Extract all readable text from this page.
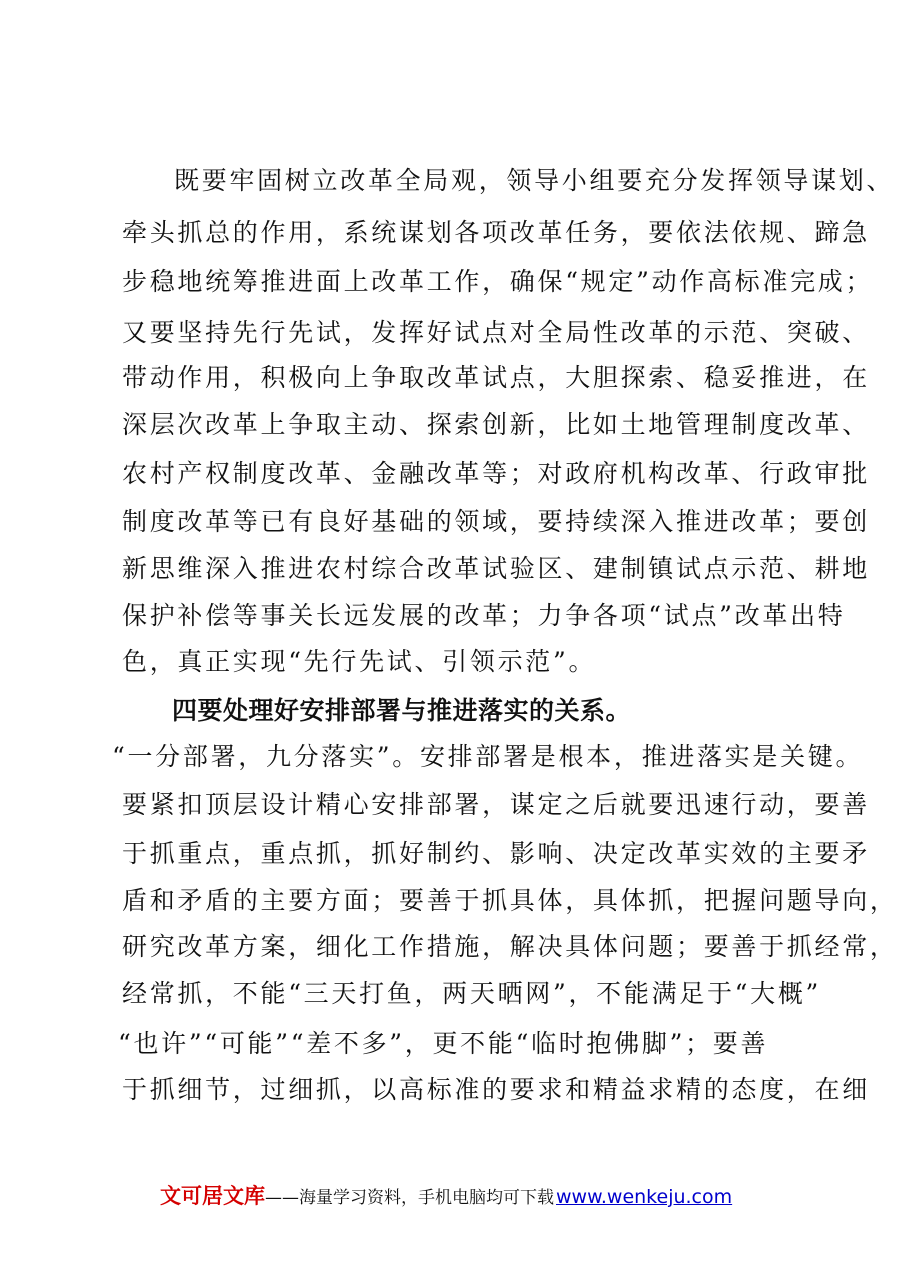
既要牢固树立改革全局观，领导小组要充分发挥领导谋划、
牵头抓总的作用，系统谋划各项改革任务，要依法依规、蹄急
步稳地统筹推进面上改革工作，确保“规定”动作高标准完成；
又要坚持先行先试，发挥好试点对全局性改革的示范、突破、
带动作用，积极向上争取改革试点，大胆探索、稳妥推进，在
深层次改革上争取主动、探索创新，比如土地管理制度改革、
农村产权制度改革、金融改革等；对政府机构改革、行政审批
制度改革等已有良好基础的领域，要持续深入推进改革；要创
新思维深入推进农村综合改革试验区、建制镇试点示范、耕地
保护补偿等事关长远发展的改革；力争各项“试点”改革出特
色，真正实现“先行先试、引领示范”。
四要处理好安排部署与推进落实的关系。
“一分部署，九分落实”。安排部署是根本，推进落实是关键。
要紧扣顶层设计精心安排部署，谋定之后就要迅速行动，要善
于抓重点，重点抓，抓好制约、影响、决定改革实效的主要矛
盾和矛盾的主要方面；要善于抓具体，具体抓，把握问题导向，
研究改革方案，细化工作措施，解决具体问题；要善于抓经常，
经常抓，不能“三天打鱼，两天晒网”，不能满足于“大概”
“也许”“可能”“差不多”，更不能“临时抱佛脚”；要善
于抓细节，过细抓，以高标准的要求和精益求精的态度，在细
文可居文库——海量学习资料，手机电脑均可下载 www.wenkeju.com
